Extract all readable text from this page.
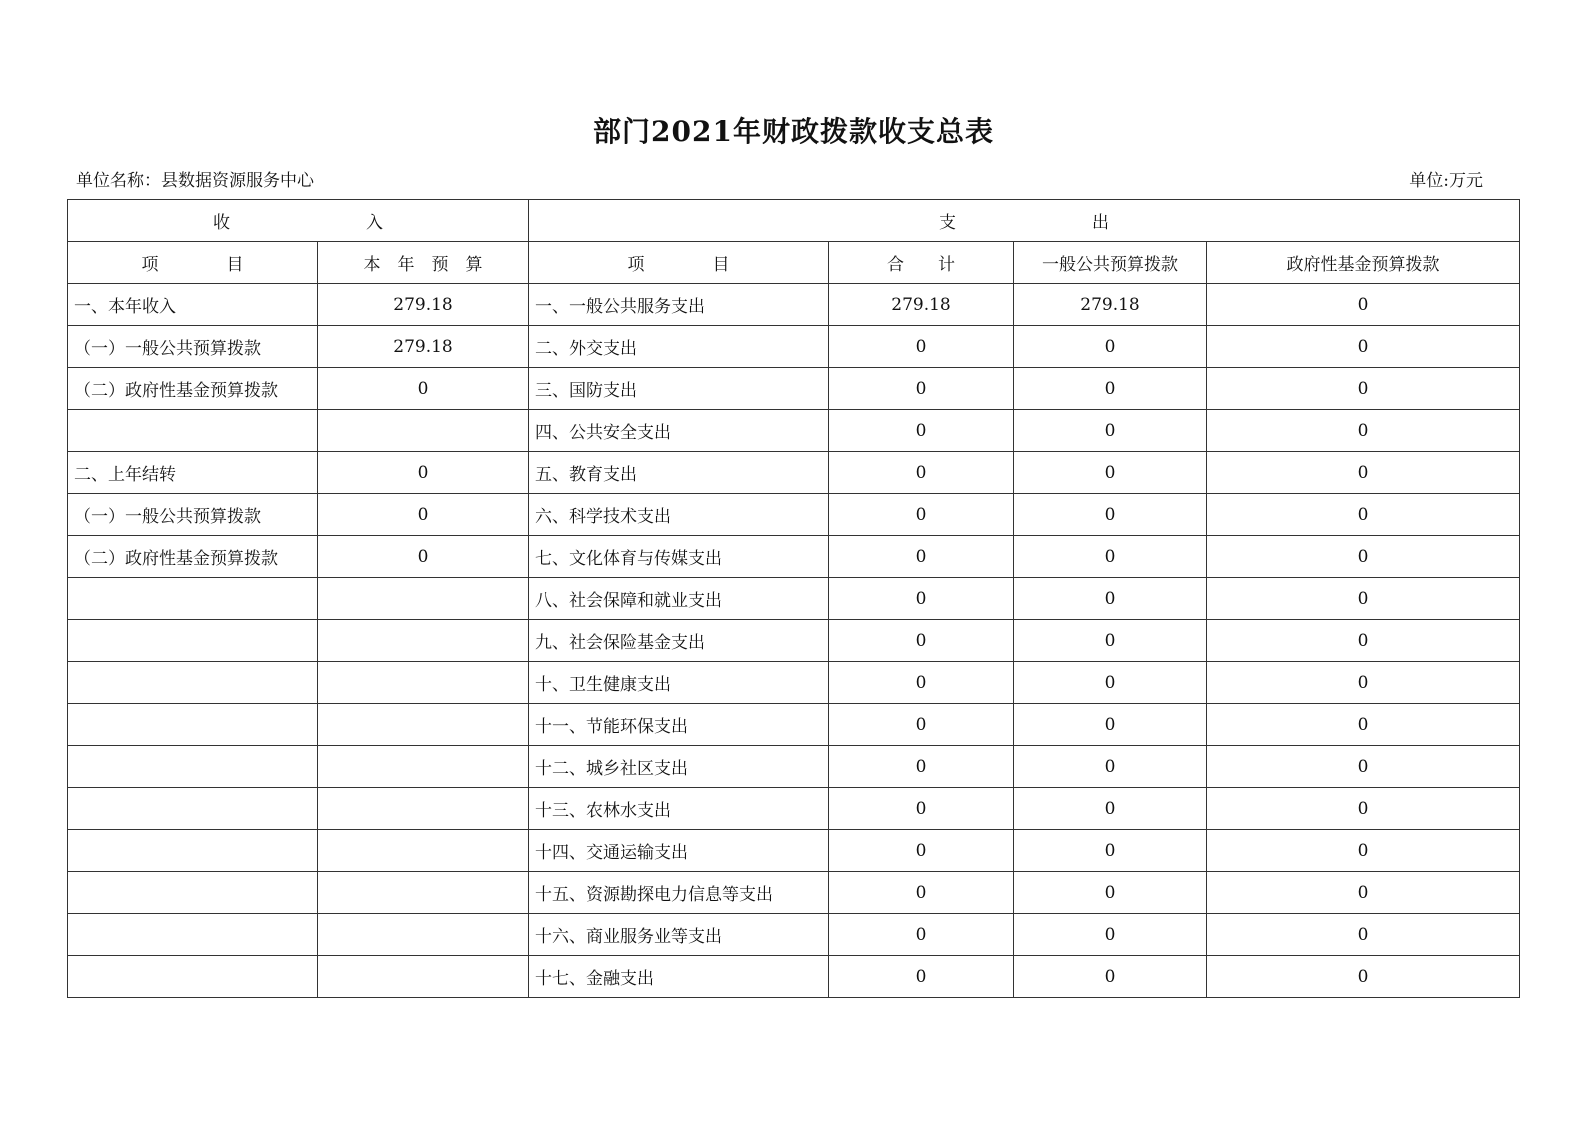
部门2021年财政拨款收支总表
单位名称：县数据资源服务中心	单位:万元
收　　　　　　　　入		支　　　　　　　　出			
项　　　　目	本　年　预　算	项　　　　目	合　　计	一般公共预算拨款	政府性基金预算拨款
一、本年收入	279.18	一、一般公共服务支出	279.18	279.18	0
（一）一般公共预算拨款	279.18	二、外交支出	0	0	0
（二）政府性基金预算拨款	0	三、国防支出	0	0	0
		四、公共安全支出	0	0	0
二、上年结转	0	五、教育支出	0	0	0
（一）一般公共预算拨款	0	六、科学技术支出	0	0	0
（二）政府性基金预算拨款	0	七、文化体育与传媒支出	0	0	0
		八、社会保障和就业支出	0	0	0
		九、社会保险基金支出	0	0	0
		十、卫生健康支出	0	0	0
		十一、节能环保支出	0	0	0
		十二、城乡社区支出	0	0	0
		十三、农林水支出	0	0	0
		十四、交通运输支出	0	0	0
		十五、资源勘探电力信息等支出	0	0	0
		十六、商业服务业等支出	0	0	0
		十七、金融支出	0	0	0
